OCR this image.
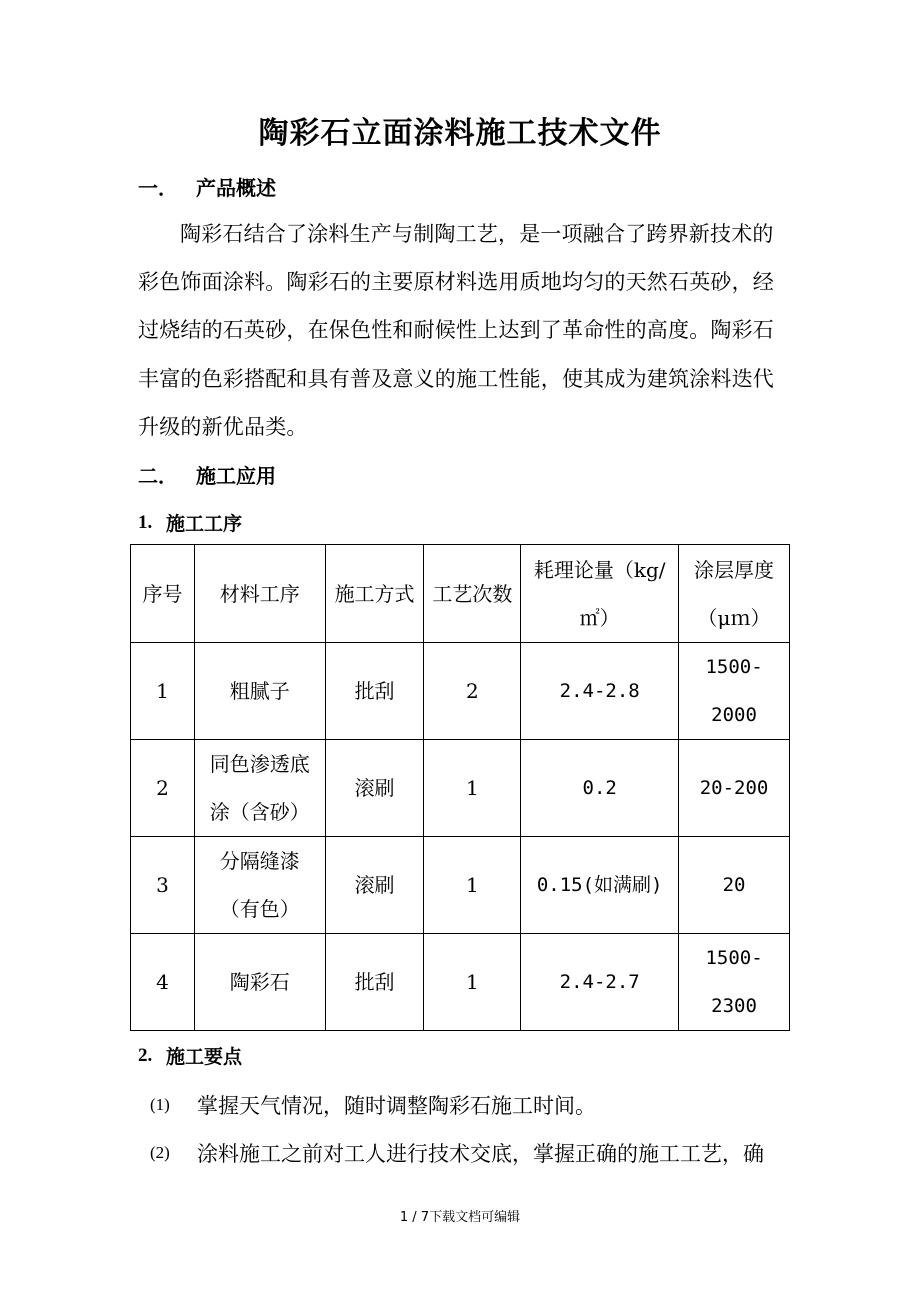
陶彩石立面涂料施工技术文件
一． 产品概述
陶彩石结合了涂料生产与制陶工艺，是一项融合了跨界新技术的
彩色饰面涂料。陶彩石的主要原材料选用质地均匀的天然石英砂，经
过烧结的石英砂，在保色性和耐候性上达到了革命性的高度。陶彩石
丰富的色彩搭配和具有普及意义的施工性能，使其成为建筑涂料迭代
升级的新优品类。
二． 施工应用
1. 施工工序
序号	材料工序	施工方式	工艺次数	耗理论量（kg/㎡）	涂层厚度（μｍ）
1	粗腻子	批刮	2	2.4-2.8	1500-2000
2	同色渗透底涂（含砂）	滚刷	1	0.2	20-200
3	分隔缝漆（有色）	滚刷	1	0.15(如满刷)	20
4	陶彩石	批刮	1	2.4-2.7	1500-2300
2. 施工要点
(1)	掌握天气情况，随时调整陶彩石施工时间。
(2)	涂料施工之前对工人进行技术交底，掌握正确的施工工艺，确
1 / 7下载文档可编辑
